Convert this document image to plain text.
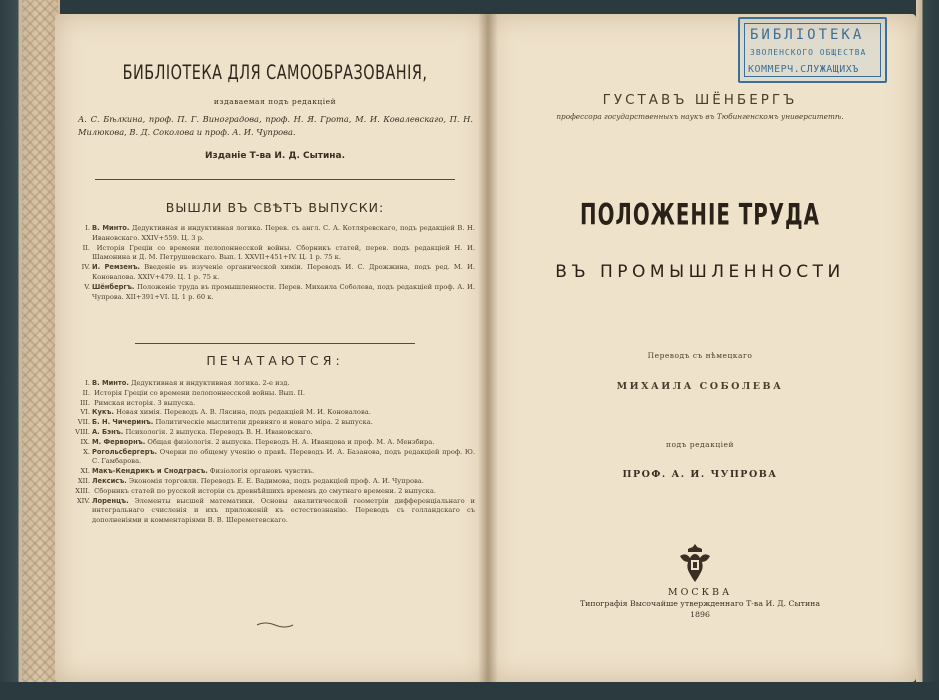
БИБЛIОТЕКА ДЛЯ САМООБРАЗОВАНIЯ,
издаваемая подъ редакцiей
А. С. Бѣлкина, проф. П. Г. Виноградова, проф. Н. Я. Грота, М. И. Ковалевскаго, П. Н. Милюкова, В. Д. Соколова и проф. А. И. Чупрова.
Изданiе Т-ва И. Д. Сытина.
ВЫШЛИ ВЪ СВѢТЪ ВЫПУСКИ:
I. В. Минто. Дедуктивная и индуктивная логика. Перев. съ англ. С. А. Котляревскаго, подъ редакцiей В. Н. Ивановскаго. XXIV+559. Ц. 3 р.
II. Исторiя Грецiи со времени пелопоннесской войны. Сборникъ статей, перев. подъ редакцiей Н. И. Шамонина и Д. М. Петрушевскаго. Вып. I. XXVII+451+IV. Ц. 1 р. 75 к.
IV. И. Ремзенъ. Введенiе въ изученiе органической химiи. Переводъ И. С. Дрожжина, подъ ред. М. И. Коновалова. XXIV+479. Ц. 1 р. 75 к.
V. Шёнбергъ. Положенiе труда въ промышленности. Перев. Михаила Соболева, подъ редакцiей проф. А. И. Чупрова. XII+391+VI. Ц. 1 р. 60 к.
ПЕЧАТАЮТСЯ:
I. В. Минто. Дедуктивная и индуктивная логика. 2-е изд.
II. Исторiя Грецiи со времени пелопоннесской войны. Вып. II.
III. Римская исторiя. 3 выпуска.
VI. Кукъ. Новая химiя. Переводъ А. В. Лясина, подъ редакцiей М. И. Коновалова.
VII. Б. Н. Чичеринъ. Политическiе мыслители древняго и новаго мiра. 2 выпуска.
VIII. А. Бэнъ. Психологiя. 2 выпуска. Переводъ В. Н. Ивановскаго.
IX. М. Ферворнъ. Общая физiологiя. 2 выпуска. Переводъ Н. А. Иванцова и проф. М. А. Мензбира.
X. Рогольсбергеръ. Очерки по общему ученiю о правѣ. Переводъ И. А. Базанова, подъ редакцiей проф. Ю. С. Гамбарова.
XI. Макъ-Кендрикъ и Снодграсъ. Физiологiя органовъ чувствъ.
XII. Лексисъ. Экономiя торговли. Переводъ Е. Е. Вадимова, подъ редакцiей проф. А. И. Чупрова.
XIII. Сборникъ статей по русской исторiи съ древнѣйшихъ временъ до смутнаго времени. 2 выпуска.
XIV. Лоренцъ. Элементы высшей математики. Основы аналитической геометрiи дифференцiальнаго и интегральнаго счисленiя и ихъ приложенiй къ естествознанiю. Переводъ съ голландскаго съ дополненiями и комментарiями В. В. Шереметевскаго.
БИБЛIОТЕКА
ЗВОЛЕНСКОГО ОБЩЕСТВА
КОММЕРЧ.СЛУЖАЩИХЪ
ГУСТАВЪ ШЁНБЕРГЪ
профессора государственныхъ наукъ въ Тюбингенскомъ университетѣ.
ПОЛОЖЕНIЕ ТРУДА
ВЪ ПРОМЫШЛЕННОСТИ
Переводъ съ нѣмецкаго
МИХАИЛА СОБОЛЕВА
подъ редакцiей
ПРОФ. А. И. ЧУПРОВА
МОСКВА
Типографiя Высочайше утвержденнаго Т-ва И. Д. Сытина
1896
